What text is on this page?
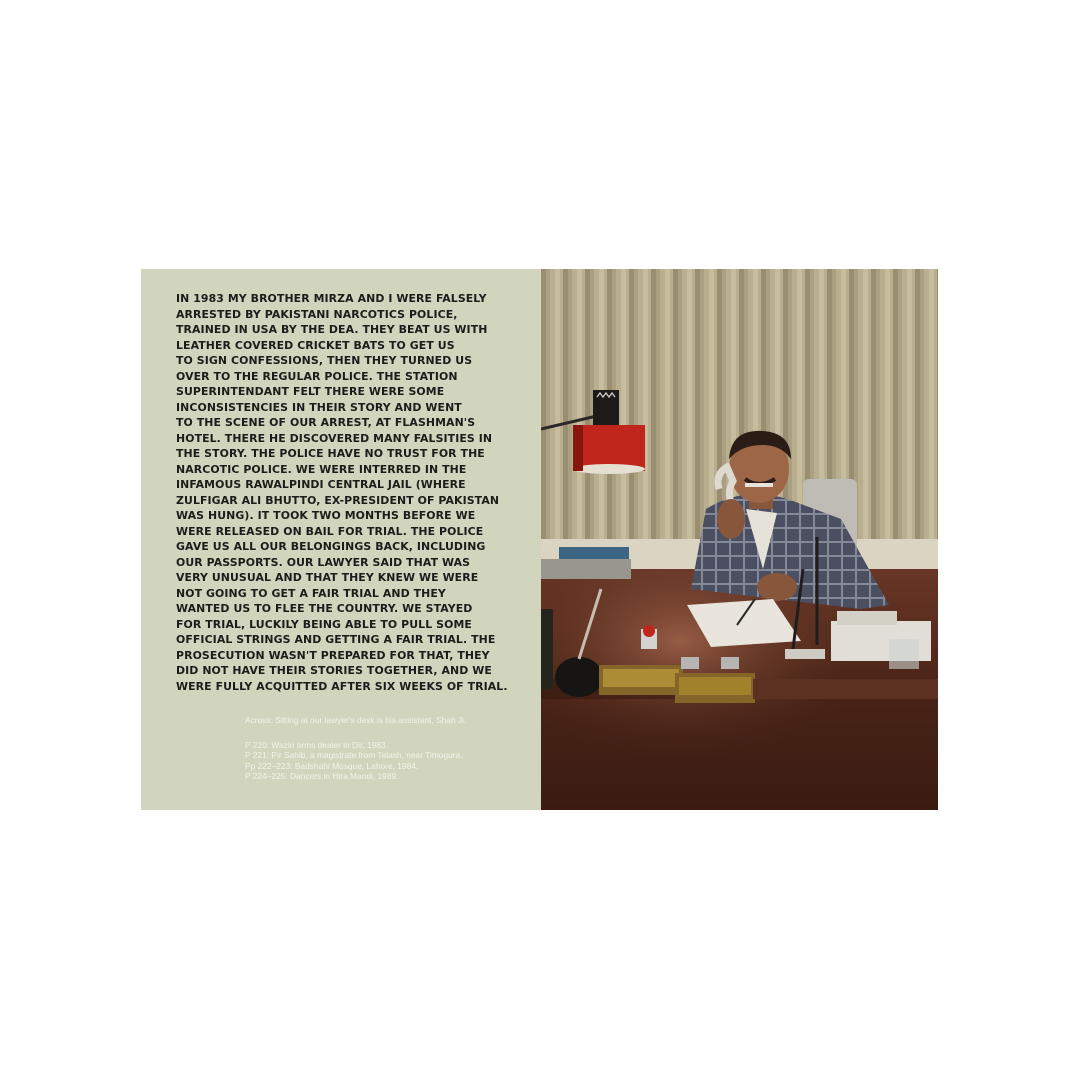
IN 1983 MY BROTHER MIRZA AND I WERE FALSELY
ARRESTED BY PAKISTANI NARCOTICS POLICE,
TRAINED IN USA BY THE DEA. THEY BEAT US WITH
LEATHER COVERED CRICKET BATS TO GET US
TO SIGN CONFESSIONS, THEN THEY TURNED US
OVER TO THE REGULAR POLICE. THE STATION
SUPERINTENDANT FELT THERE WERE SOME
INCONSISTENCIES IN THEIR STORY AND WENT
TO THE SCENE OF OUR ARREST, AT FLASHMAN'S
HOTEL. THERE HE DISCOVERED MANY FALSITIES IN
THE STORY. THE POLICE HAVE NO TRUST FOR THE
NARCOTIC POLICE. WE WERE INTERRED IN THE
INFAMOUS RAWALPINDI CENTRAL JAIL (WHERE
ZULFIGAR ALI BHUTTO, EX-PRESIDENT OF PAKISTAN
WAS HUNG). IT TOOK TWO MONTHS BEFORE WE
WERE RELEASED ON BAIL FOR TRIAL. THE POLICE
GAVE US ALL OUR BELONGINGS BACK, INCLUDING
OUR PASSPORTS. OUR LAWYER SAID THAT WAS
VERY UNUSUAL AND THAT THEY KNEW WE WERE
NOT GOING TO GET A FAIR TRIAL AND THEY
WANTED US TO FLEE THE COUNTRY. WE STAYED
FOR TRIAL, LUCKILY BEING ABLE TO PULL SOME
OFFICIAL STRINGS AND GETTING A FAIR TRIAL. THE
PROSECUTION WASN'T PREPARED FOR THAT, THEY
DID NOT HAVE THEIR STORIES TOGETHER, AND WE
WERE FULLY ACQUITTED AFTER SIX WEEKS OF TRIAL.

Across: Sitting at our lawyer's desk is his assistant, Shah Ji.
P 220: Waziri arms dealer in Dir, 1983.
P 221: Pir Sahib, a magistrate from Talash, near Timogura.
Pp 222–223: Badshahi Mosque, Lahore, 1984.
P 224–225: Dancers in Hira Mandi, 1989.
